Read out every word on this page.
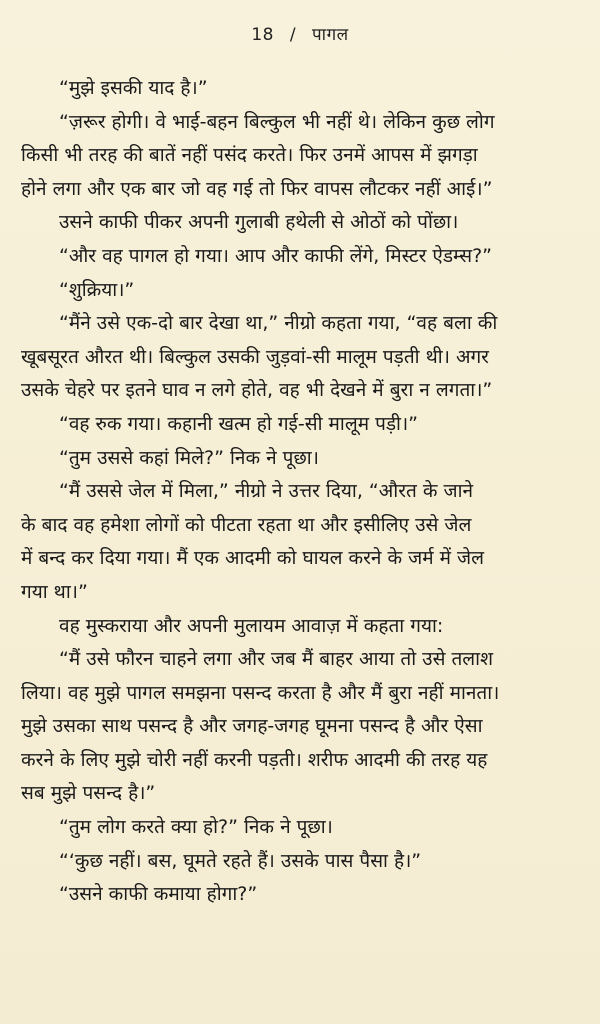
18 / पागल
“मुझे इसकी याद है।”
“ज़रूर होगी। वे भाई-बहन बिल्कुल भी नहीं थे। लेकिन कुछ लोग
किसी भी तरह की बातें नहीं पसंद करते। फिर उनमें आपस में झगड़ा
होने लगा और एक बार जो वह गई तो फिर वापस लौटकर नहीं आई।”
उसने काफी पीकर अपनी गुलाबी हथेली से ओठों को पोंछा।
“और वह पागल हो गया। आप और काफी लेंगे, मिस्टर ऐडम्स?”
“शुक्रिया।”
“मैंने उसे एक-दो बार देखा था,” नीग्रो कहता गया, “वह बला की
खूबसूरत औरत थी। बिल्कुल उसकी जुड़वां-सी मालूम पड़ती थी। अगर
उसके चेहरे पर इतने घाव न लगे होते, वह भी देखने में बुरा न लगता।”
“वह रुक गया। कहानी खत्म हो गई-सी मालूम पड़ी।”
“तुम उससे कहां मिले?” निक ने पूछा।
“मैं उससे जेल में मिला,” नीग्रो ने उत्तर दिया, “औरत के जाने
के बाद वह हमेशा लोगों को पीटता रहता था और इसीलिए उसे जेल
में बन्द कर दिया गया। मैं एक आदमी को घायल करने के जर्म में जेल
गया था।”
वह मुस्कराया और अपनी मुलायम आवाज़ में कहता गया:
“मैं उसे फौरन चाहने लगा और जब मैं बाहर आया तो उसे तलाश
लिया। वह मुझे पागल समझना पसन्द करता है और मैं बुरा नहीं मानता।
मुझे उसका साथ पसन्द है और जगह-जगह घूमना पसन्द है और ऐसा
करने के लिए मुझे चोरी नहीं करनी पड़ती। शरीफ आदमी की तरह यह
सब मुझे पसन्द है।”
“तुम लोग करते क्या हो?” निक ने पूछा।
“‘कुछ नहीं। बस, घूमते रहते हैं। उसके पास पैसा है।”
“उसने काफी कमाया होगा?”
